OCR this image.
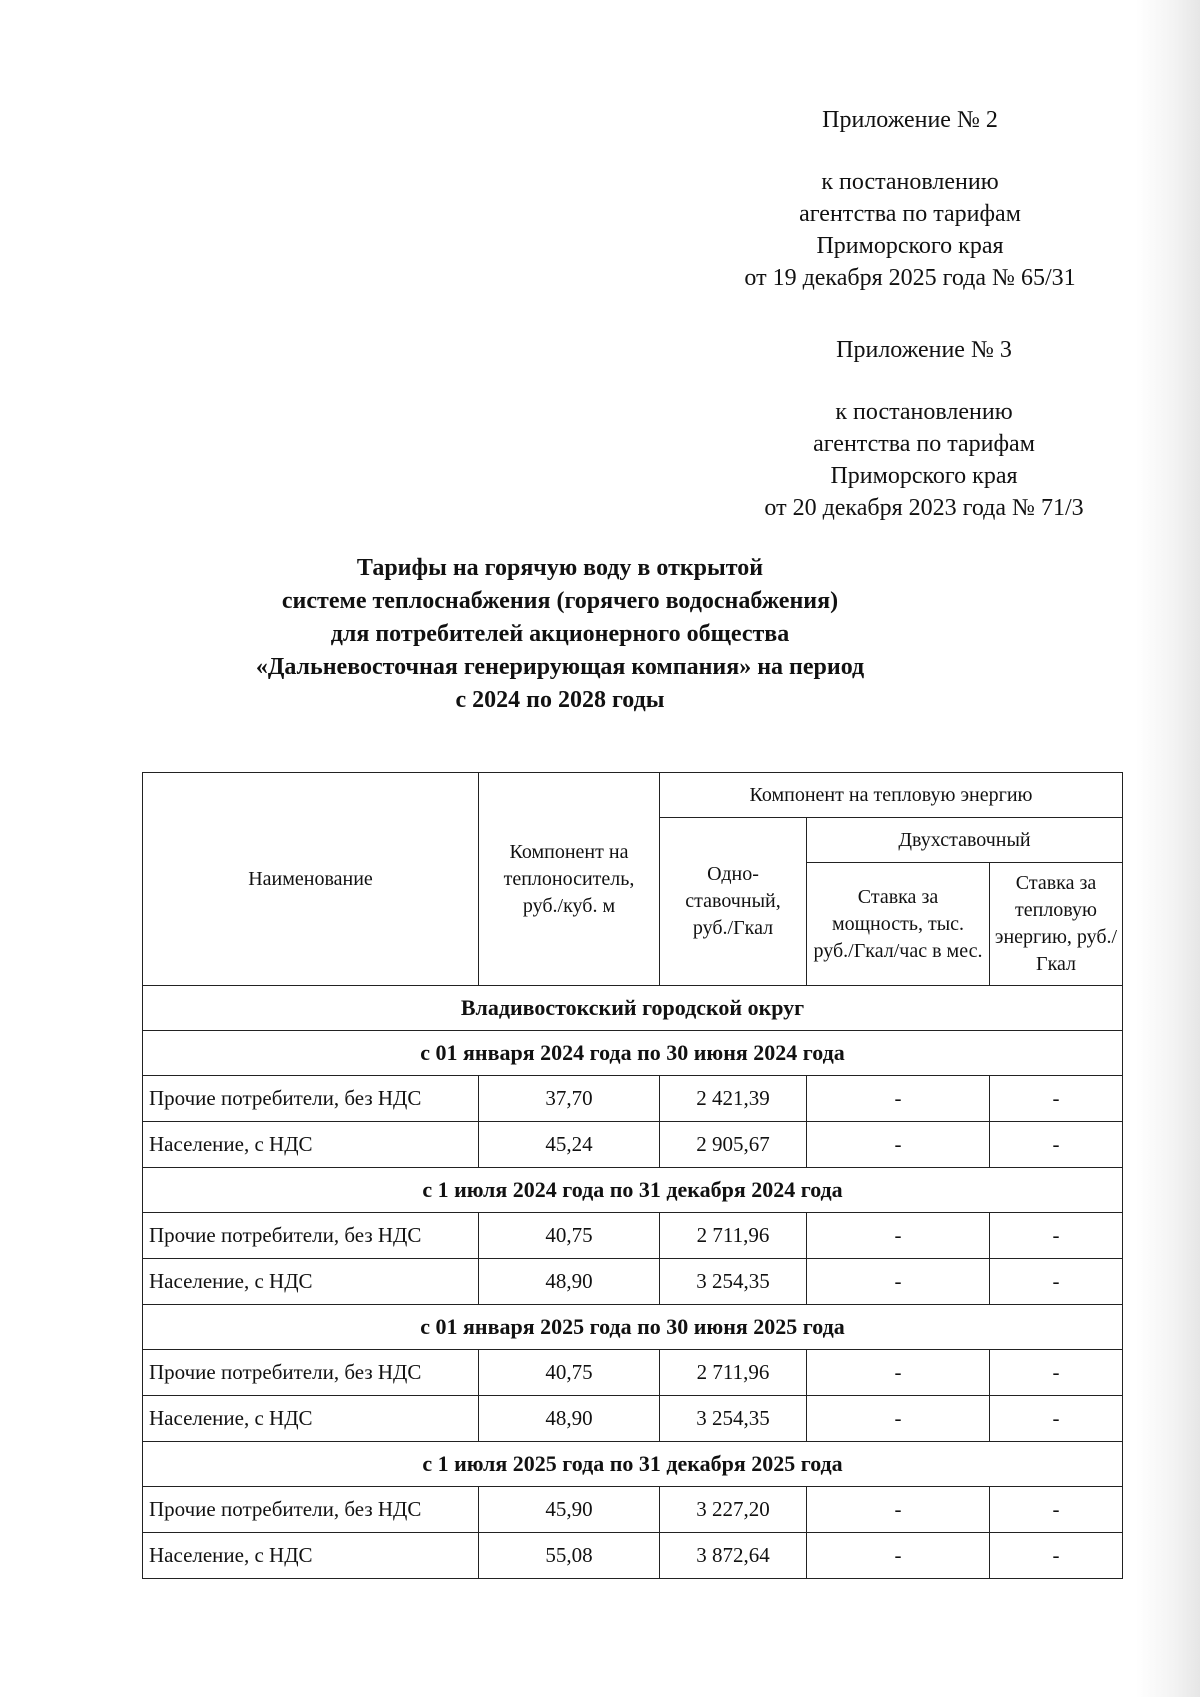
Приложение № 2
к постановлению
агентства по тарифам
Приморского края
от 19 декабря 2025 года № 65/31
Приложение № 3
к постановлению
агентства по тарифам
Приморского края
от 20 декабря 2023 года № 71/3
Тарифы на горячую воду в открытой
системе теплоснабжения (горячего водоснабжения)
для потребителей акционерного общества
«Дальневосточная генерирующая компания» на период
с 2024 по 2028 годы
Наименование	Компонент на теплоноситель, руб./куб. м	Компонент на тепловую энергию		
		Одно-ставочный, руб./Гкал	Двухставочный	
			Ставка за мощность, тыс. руб./Гкал/час в мес.	Ставка за тепловую энергию, руб./Гкал
Владивостокский городской округ				
с 01 января 2024 года по 30 июня 2024 года				
Прочие потребители, без НДС	37,70	2 421,39	-	-
Население, с НДС	45,24	2 905,67	-	-
с 1 июля 2024 года по 31 декабря 2024 года				
Прочие потребители, без НДС	40,75	2 711,96	-	-
Население, с НДС	48,90	3 254,35	-	-
с 01 января 2025 года по 30 июня 2025 года				
Прочие потребители, без НДС	40,75	2 711,96	-	-
Население, с НДС	48,90	3 254,35	-	-
с 1 июля 2025 года по 31 декабря 2025 года				
Прочие потребители, без НДС	45,90	3 227,20	-	-
Население, с НДС	55,08	3 872,64	-	-
